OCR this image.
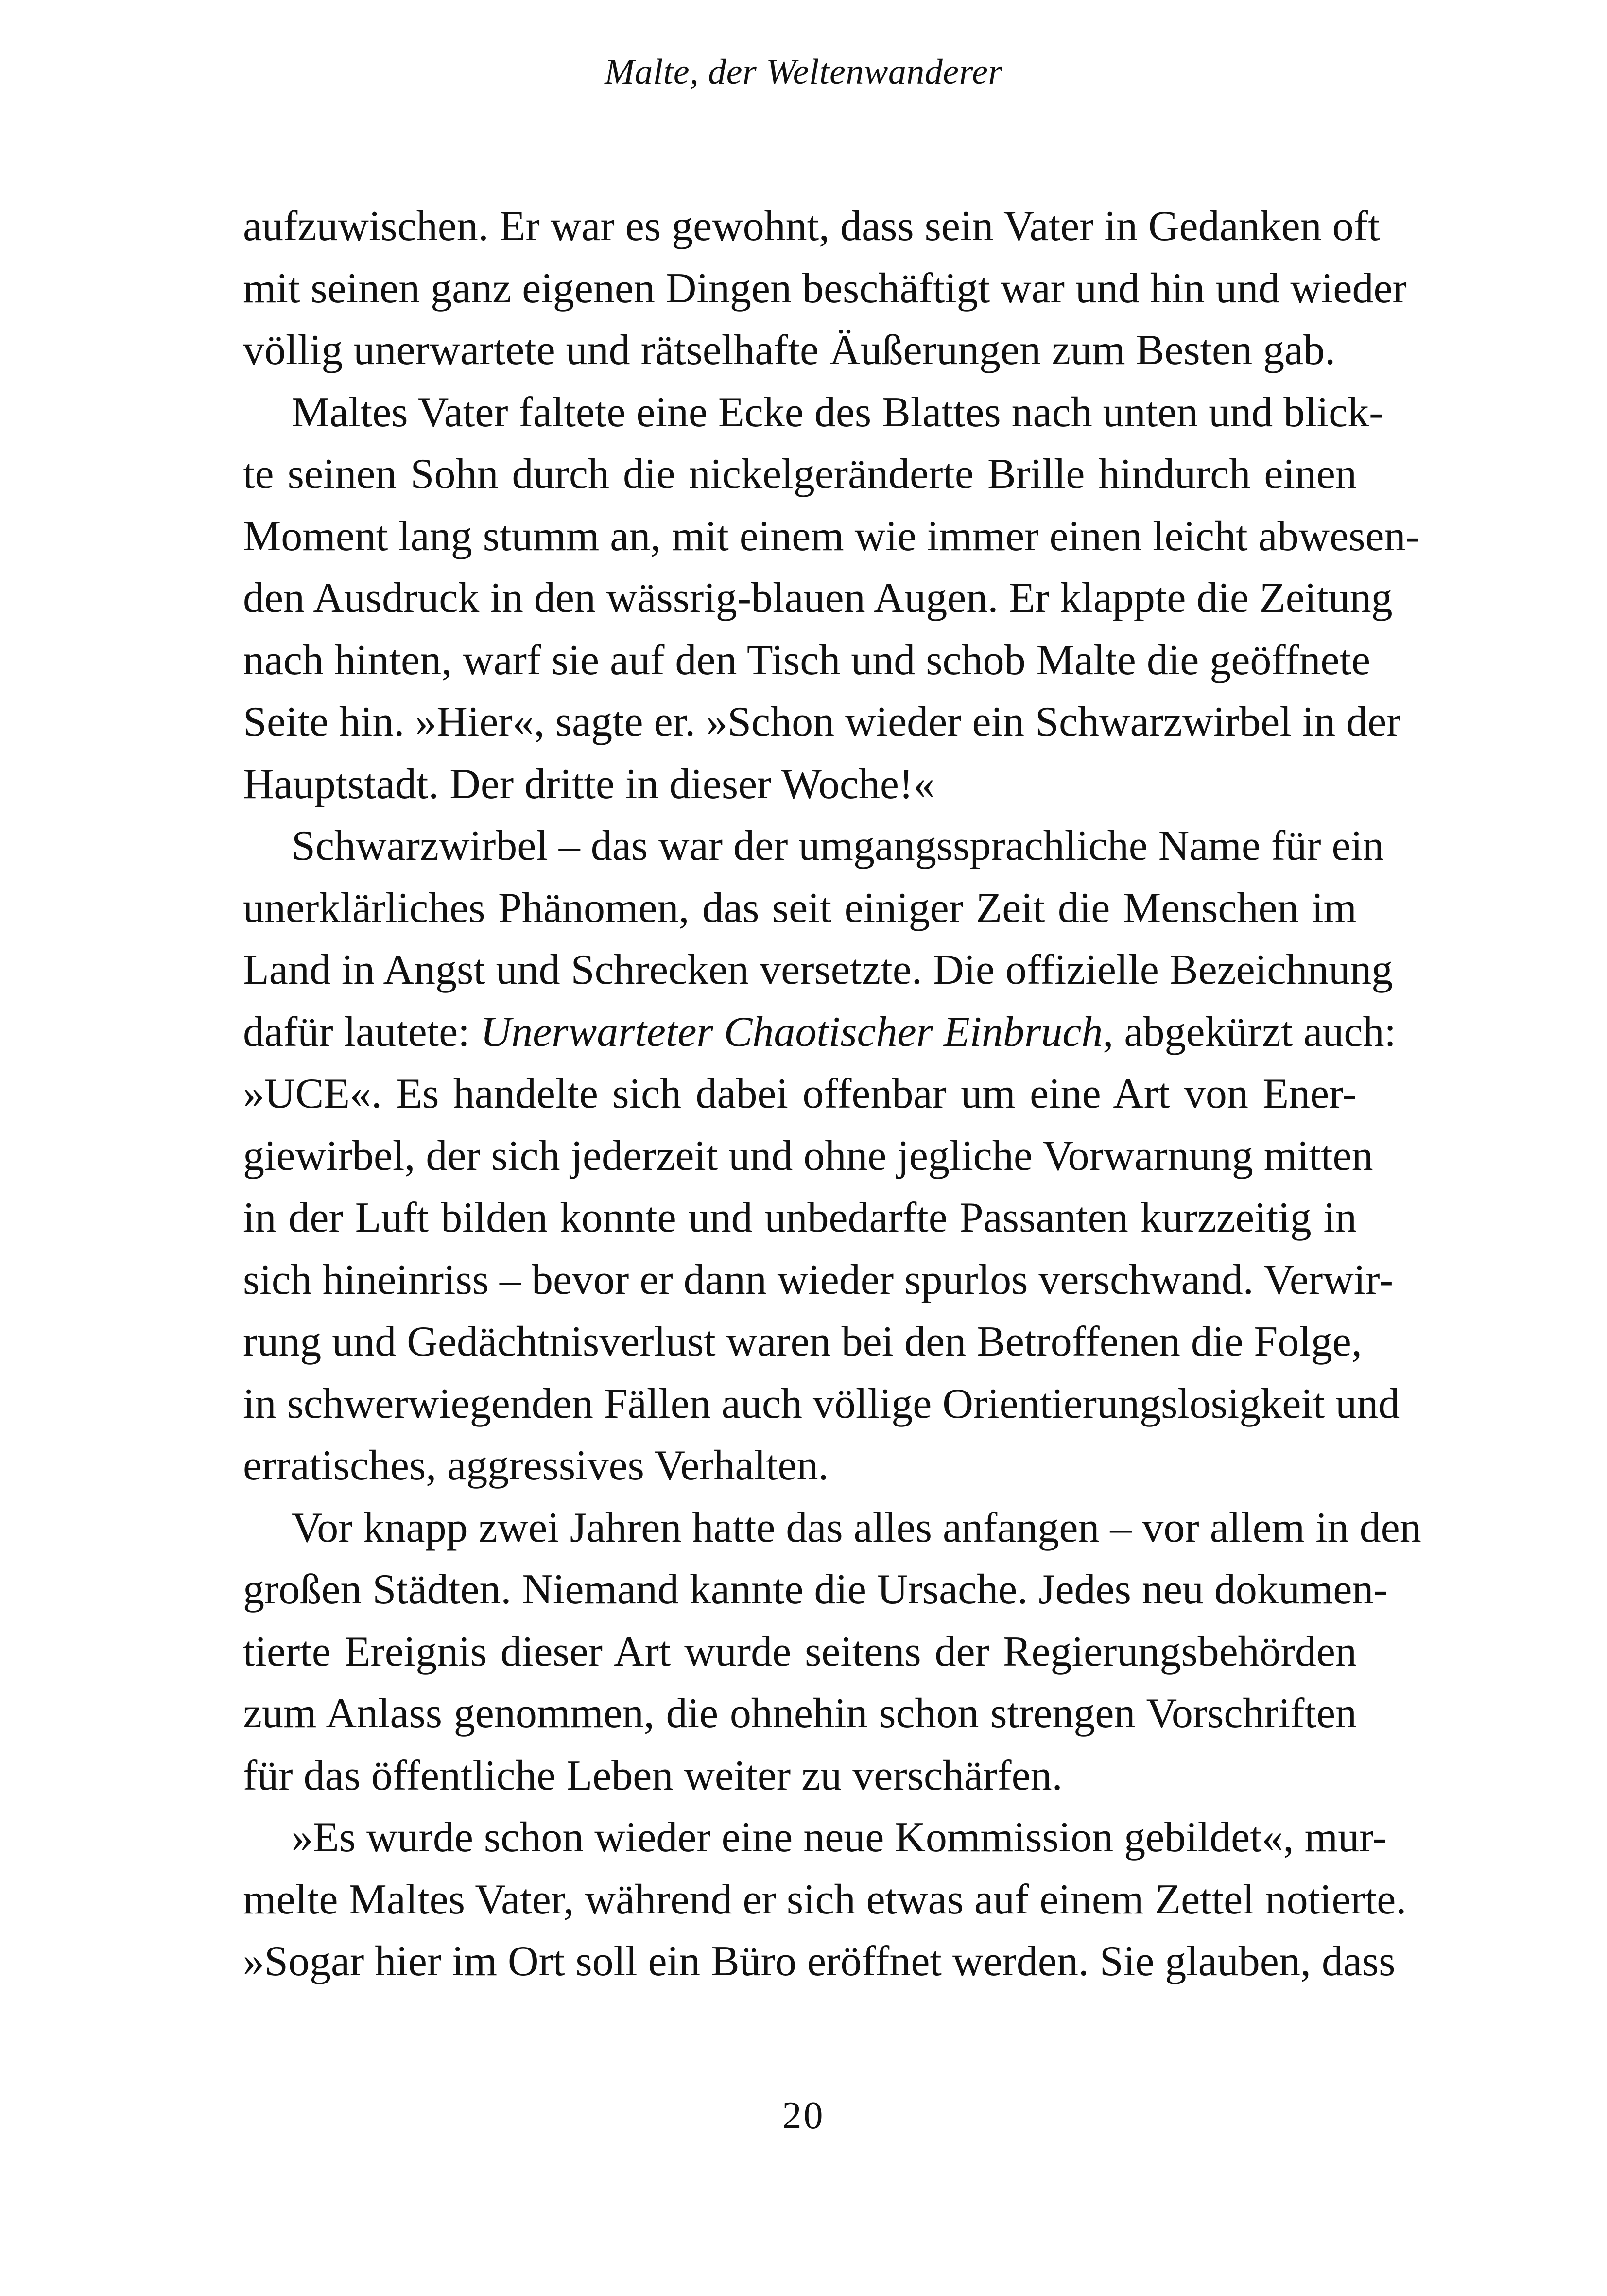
Malte, der Weltenwanderer
aufzuwischen. Er war es gewohnt, dass sein Vater in Gedanken oft
mit seinen ganz eigenen Dingen beschäftigt war und hin und wieder
völlig unerwartete und rätselhafte Äußerungen zum Besten gab.
Maltes Vater faltete eine Ecke des Blattes nach unten und blick-
te seinen Sohn durch die nickelgeränderte Brille hindurch einen
Moment lang stumm an, mit einem wie immer einen leicht abwesen-
den Ausdruck in den wässrig-blauen Augen. Er klappte die Zeitung
nach hinten, warf sie auf den Tisch und schob Malte die geöffnete
Seite hin. »Hier«, sagte er. »Schon wieder ein Schwarzwirbel in der
Hauptstadt. Der dritte in dieser Woche!«
Schwarzwirbel – das war der umgangssprachliche Name für ein
unerklärliches Phänomen, das seit einiger Zeit die Menschen im
Land in Angst und Schrecken versetzte. Die offizielle Bezeichnung
dafür lautete: Unerwarteter Chaotischer Einbruch, abgekürzt auch:
»UCE«. Es handelte sich dabei offenbar um eine Art von Ener-
giewirbel, der sich jederzeit und ohne jegliche Vorwarnung mitten
in der Luft bilden konnte und unbedarfte Passanten kurzzeitig in
sich hineinriss – bevor er dann wieder spurlos verschwand. Verwir-
rung und Gedächtnisverlust waren bei den Betroffenen die Folge,
in schwerwiegenden Fällen auch völlige Orientierungslosigkeit und
erratisches, aggressives Verhalten.
Vor knapp zwei Jahren hatte das alles anfangen – vor allem in den
großen Städten. Niemand kannte die Ursache. Jedes neu dokumen-
tierte Ereignis dieser Art wurde seitens der Regierungsbehörden
zum Anlass genommen, die ohnehin schon strengen Vorschriften
für das öffentliche Leben weiter zu verschärfen.
»Es wurde schon wieder eine neue Kommission gebildet«, mur-
melte Maltes Vater, während er sich etwas auf einem Zettel notierte.
»Sogar hier im Ort soll ein Büro eröffnet werden. Sie glauben, dass
20
